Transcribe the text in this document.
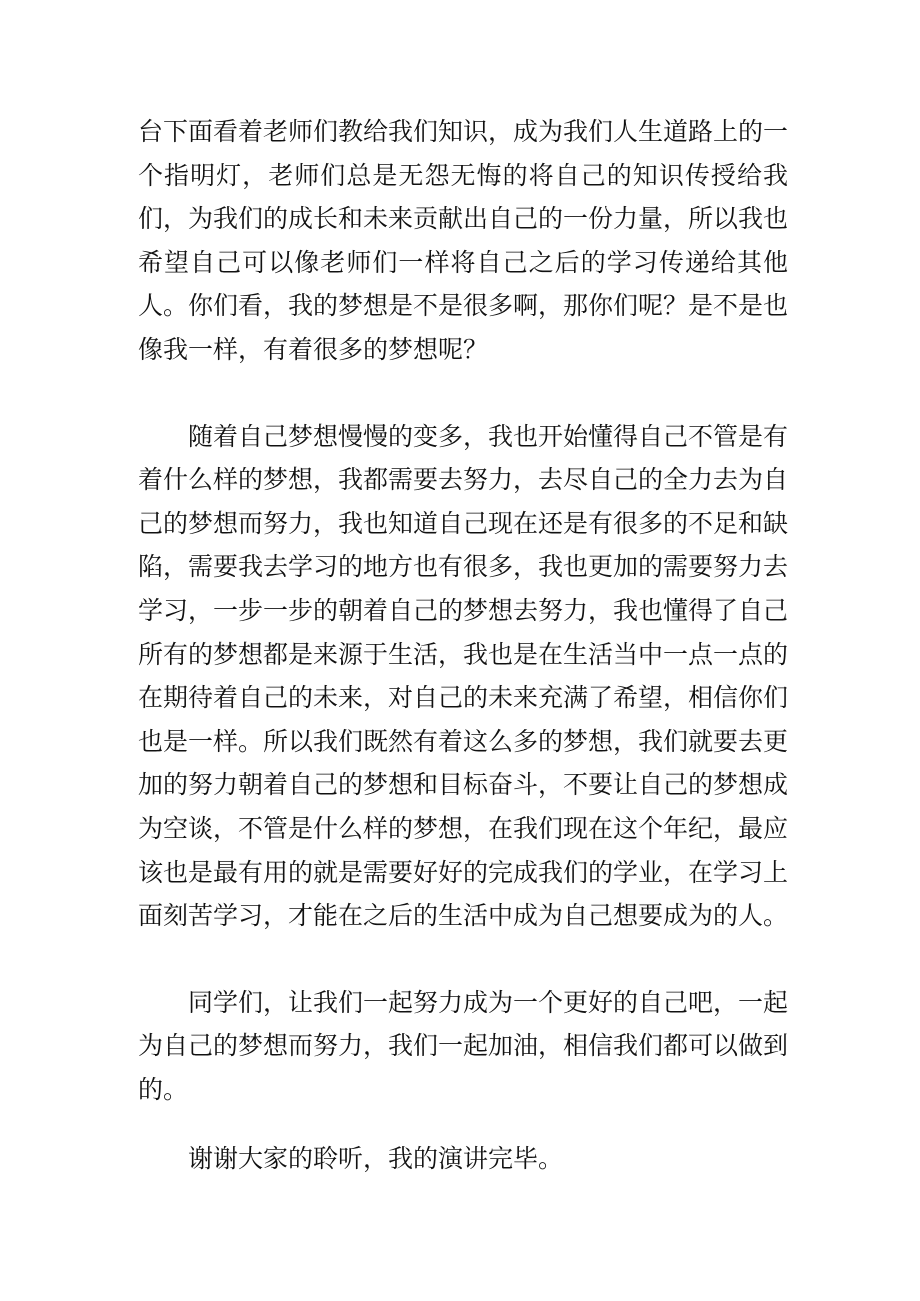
台下面看着老师们教给我们知识，成为我们人生道路上的一个指明灯，老师们总是无怨无悔的将自己的知识传授给我们，为我们的成长和未来贡献出自己的一份力量，所以我也希望自己可以像老师们一样将自己之后的学习传递给其他人。你们看，我的梦想是不是很多啊，那你们呢？是不是也像我一样，有着很多的梦想呢？

随着自己梦想慢慢的变多，我也开始懂得自己不管是有着什么样的梦想，我都需要去努力，去尽自己的全力去为自己的梦想而努力，我也知道自己现在还是有很多的不足和缺陷，需要我去学习的地方也有很多，我也更加的需要努力去学习，一步一步的朝着自己的梦想去努力，我也懂得了自己所有的梦想都是来源于生活，我也是在生活当中一点一点的在期待着自己的未来，对自己的未来充满了希望，相信你们也是一样。所以我们既然有着这么多的梦想，我们就要去更加的努力朝着自己的梦想和目标奋斗，不要让自己的梦想成为空谈，不管是什么样的梦想，在我们现在这个年纪，最应该也是最有用的就是需要好好的完成我们的学业，在学习上面刻苦学习，才能在之后的生活中成为自己想要成为的人。

同学们，让我们一起努力成为一个更好的自己吧，一起为自己的梦想而努力，我们一起加油，相信我们都可以做到的。

谢谢大家的聆听，我的演讲完毕。
